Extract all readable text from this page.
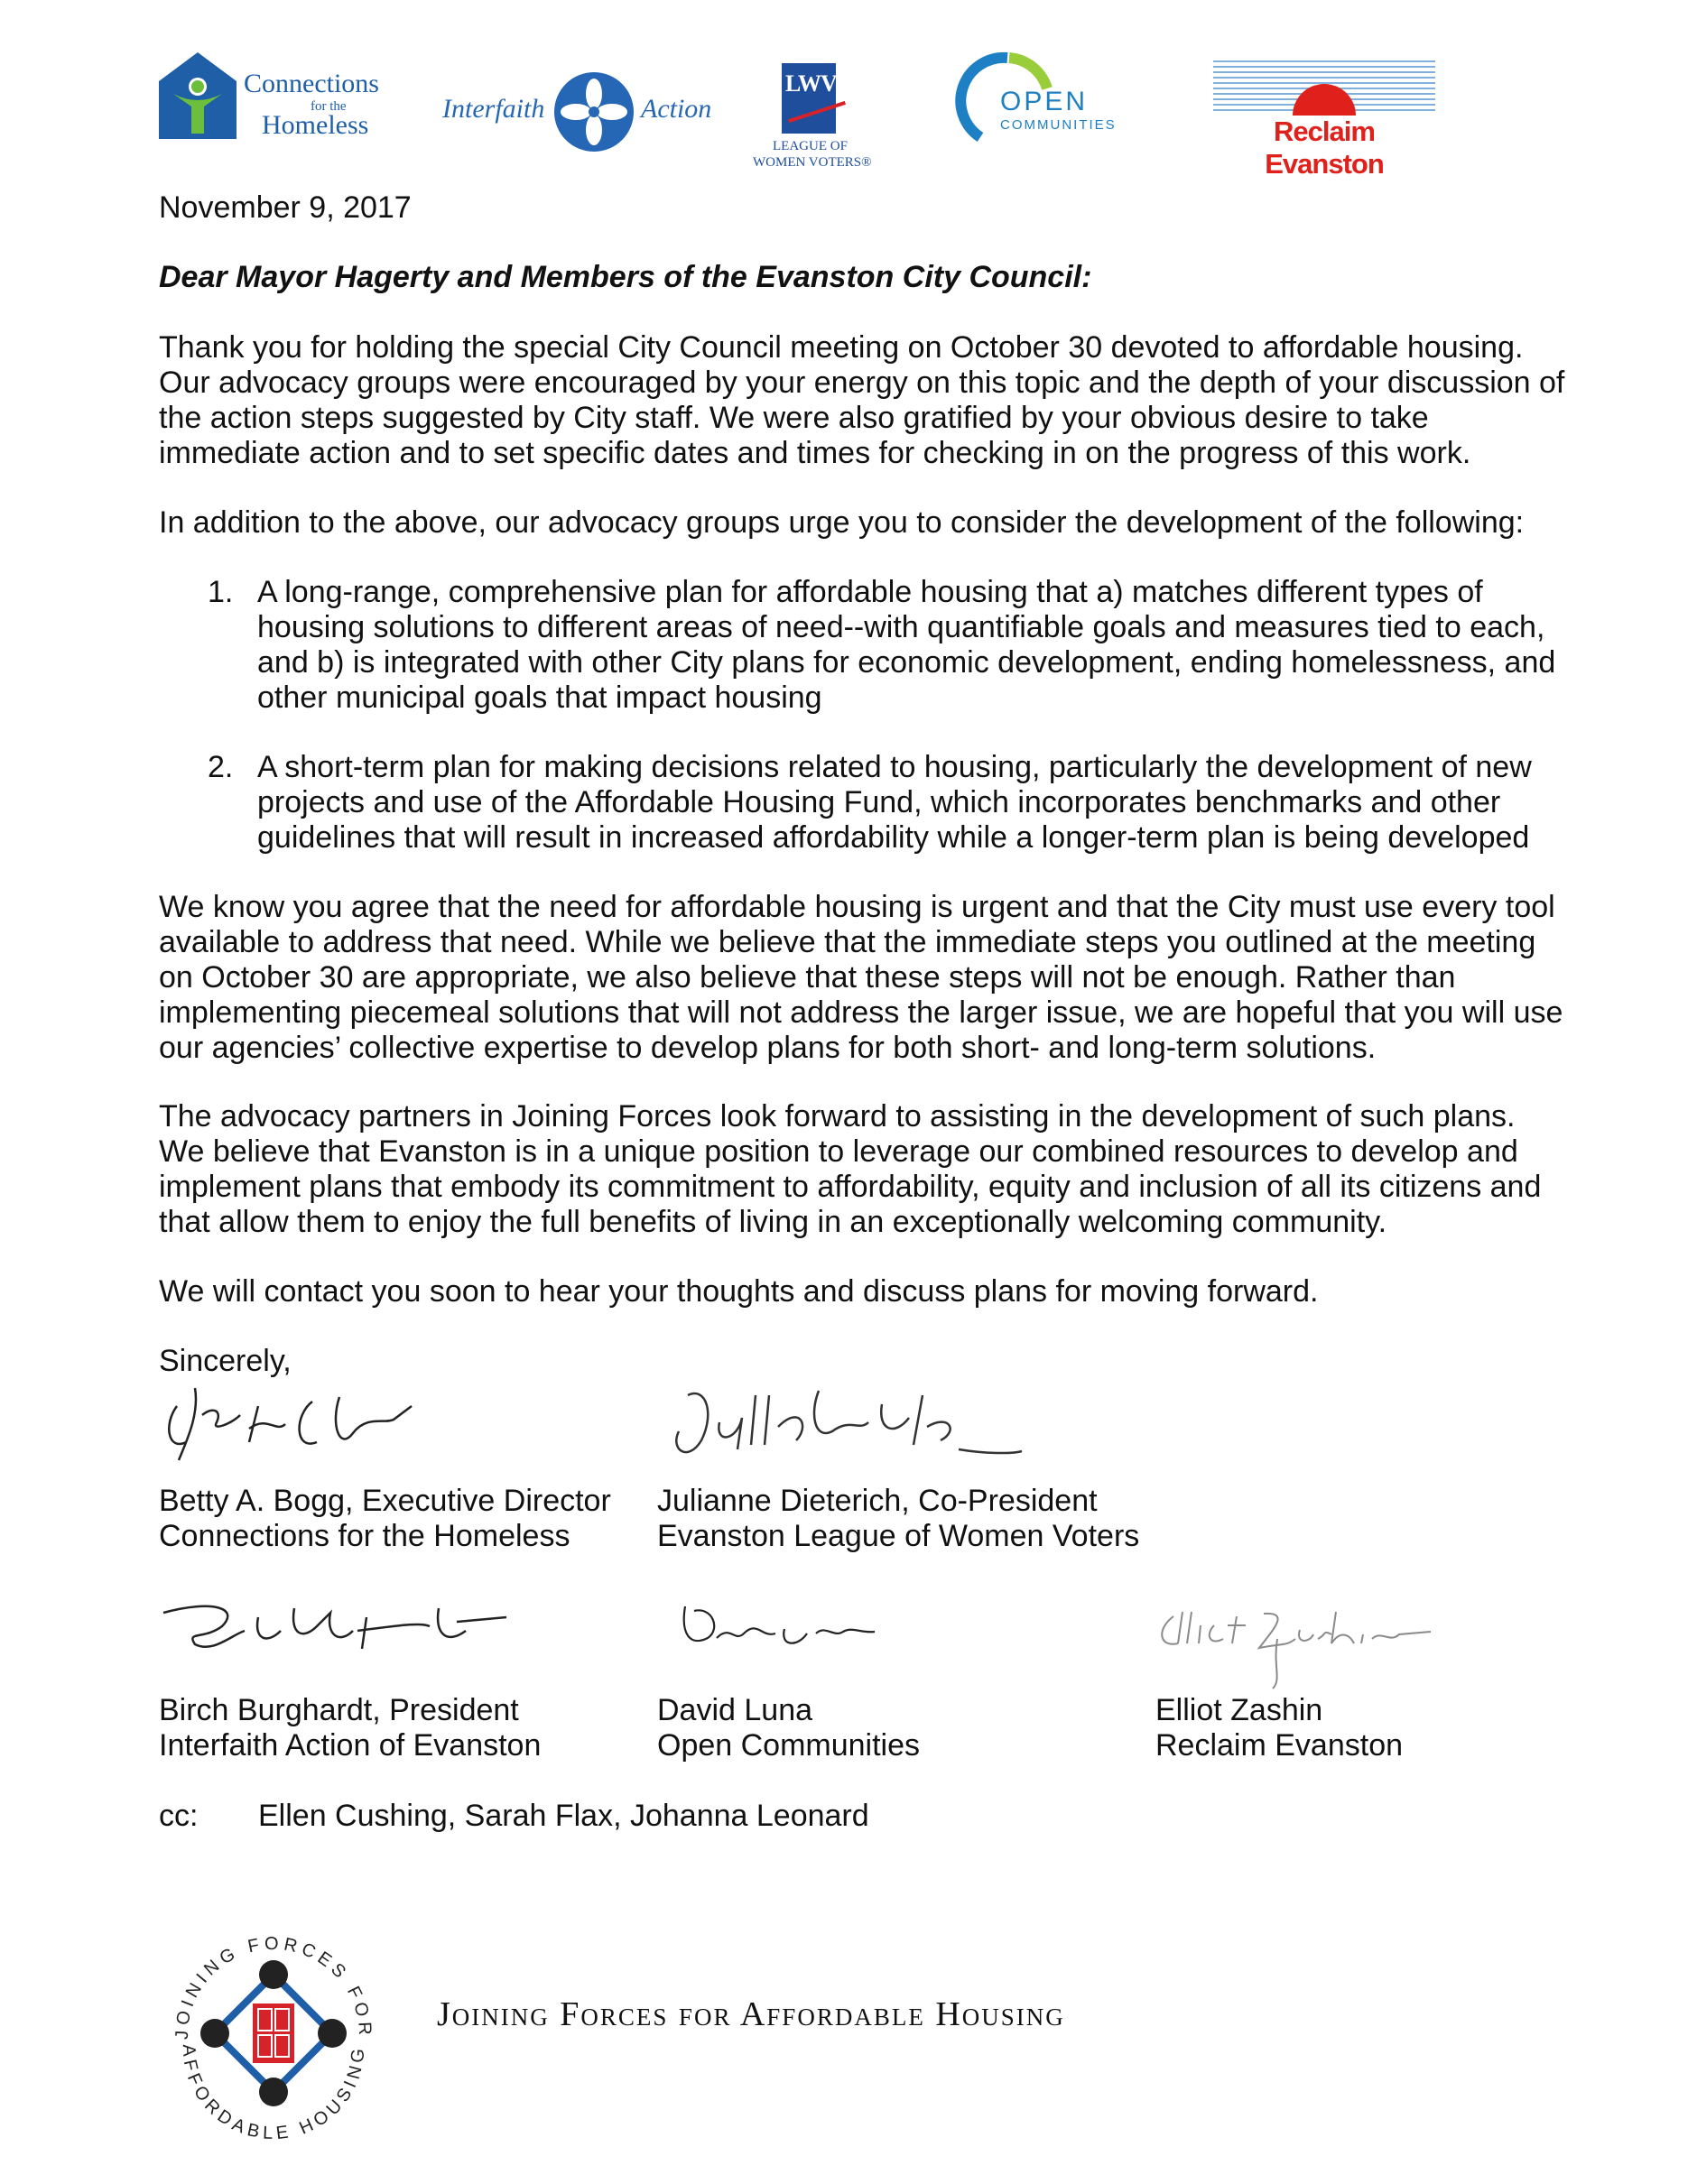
Connections
for the
Homeless
Interfaith	Action
LWV
LEAGUE OF
WOMEN VOTERS®
OPEN
COMMUNITIES	Reclaim Evanston
November 9, 2017
Dear Mayor Hagerty and Members of the Evanston City Council:

Thank you for holding the special City Council meeting on October 30 devoted to affordable housing. Our advocacy groups were encouraged by your energy on this topic and the depth of your discussion of the action steps suggested by City staff. We were also gratified by your obvious desire to take immediate action and to set specific dates and times for checking in on the progress of this work.

In addition to the above, our advocacy groups urge you to consider the development of the following:

1. A long-range, comprehensive plan for affordable housing that a) matches different types of housing solutions to different areas of need--with quantifiable goals and measures tied to each, and b) is integrated with other City plans for economic development, ending homelessness, and other municipal goals that impact housing
2. A short-term plan for making decisions related to housing, particularly the development of new projects and use of the Affordable Housing Fund, which incorporates benchmarks and other guidelines that will result in increased affordability while a longer-term plan is being developed

We know you agree that the need for affordable housing is urgent and that the City must use every tool available to address that need. While we believe that the immediate steps you outlined at the meeting on October 30 are appropriate, we also believe that these steps will not be enough. Rather than implementing piecemeal solutions that will not address the larger issue, we are hopeful that you will use our agencies’ collective expertise to develop plans for both short- and long-term solutions.

The advocacy partners in Joining Forces look forward to assisting in the development of such plans. We believe that Evanston is in a unique position to leverage our combined resources to develop and implement plans that embody its commitment to affordability, equity and inclusion of all its citizens and that allow them to enjoy the full benefits of living in an exceptionally welcoming community.

We will contact you soon to hear your thoughts and discuss plans for moving forward.

Sincerely,
Betty A. Bogg, Executive Director
Connections for the Homeless
Julianne Dieterich, Co-President
Evanston League of Women Voters
Birch Burghardt, President
Interfaith Action of Evanston
David Luna
Open Communities
Elliot Zashin
Reclaim Evanston
cc: Ellen Cushing, Sarah Flax, Johanna Leonard
JOINING FORCES FOR
AFFORDABLE HOUSING
Joining Forces for Affordable Housing
